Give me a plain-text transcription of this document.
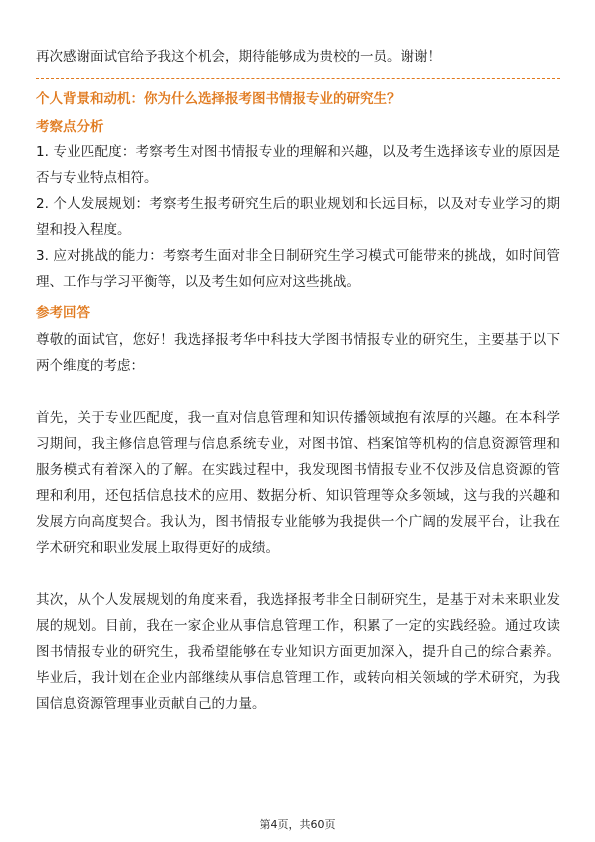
再次感谢面试官给予我这个机会，期待能够成为贵校的一员。谢谢！
个人背景和动机：你为什么选择报考图书情报专业的研究生？
考察点分析

1. 专业匹配度：考察考生对图书情报专业的理解和兴趣，以及考生选择该专业的原因是否与专业特点相符。

2. 个人发展规划：考察考生报考研究生后的职业规划和长远目标，以及对专业学习的期望和投入程度。

3. 应对挑战的能力：考察考生面对非全日制研究生学习模式可能带来的挑战，如时间管理、工作与学习平衡等，以及考生如何应对这些挑战。

参考回答

尊敬的面试官，您好！我选择报考华中科技大学图书情报专业的研究生，主要基于以下两个维度的考虑：

首先，关于专业匹配度，我一直对信息管理和知识传播领域抱有浓厚的兴趣。在本科学习期间，我主修信息管理与信息系统专业，对图书馆、档案馆等机构的信息资源管理和服务模式有着深入的了解。在实践过程中，我发现图书情报专业不仅涉及信息资源的管理和利用，还包括信息技术的应用、数据分析、知识管理等众多领域，这与我的兴趣和发展方向高度契合。我认为，图书情报专业能够为我提供一个广阔的发展平台，让我在学术研究和职业发展上取得更好的成绩。

其次，从个人发展规划的角度来看，我选择报考非全日制研究生，是基于对未来职业发展的规划。目前，我在一家企业从事信息管理工作，积累了一定的实践经验。通过攻读图书情报专业的研究生，我希望能够在专业知识方面更加深入，提升自己的综合素养。毕业后，我计划在企业内部继续从事信息管理工作，或转向相关领域的学术研究，为我国信息资源管理事业贡献自己的力量。

第4页，共60页
